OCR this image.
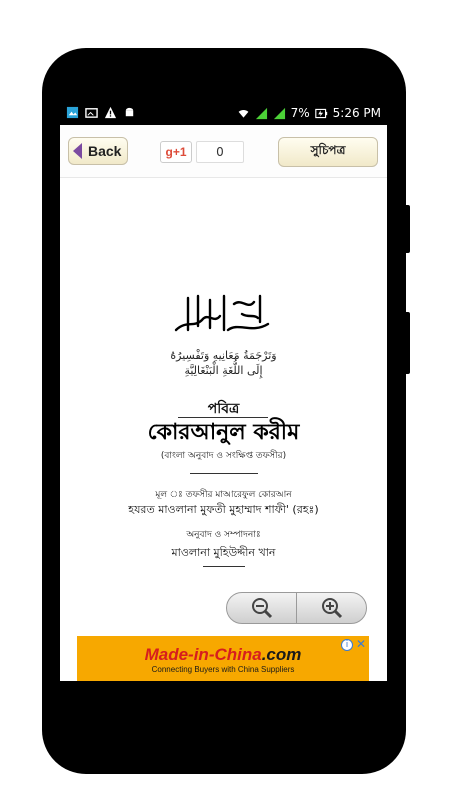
7% 5:26 PM
Back	g+1	0	সুচিপত্র
وَتَرْجَمَةُ مَعَانِيهِ وَتَفْسِيرُهُ
إِلَى اللُّغَةِ الْبَنْغَالِيَّةِ
পবিত্র
কোরআনুল করীম
(বাংলা অনুবাদ ও সংক্ষিপ্ত তফসীর)
মূল ঃ তফসীর মাআরেফুল কোরআন
হযরত মাওলানা মুফতী মুহাম্মাদ শাফী' (রহঃ)
অনুবাদ ও সম্পাদনাঃ
মাওলানা মুহিউদ্দীন খান
i ✕
Made-in-China.com
Connecting Buyers with China Suppliers
